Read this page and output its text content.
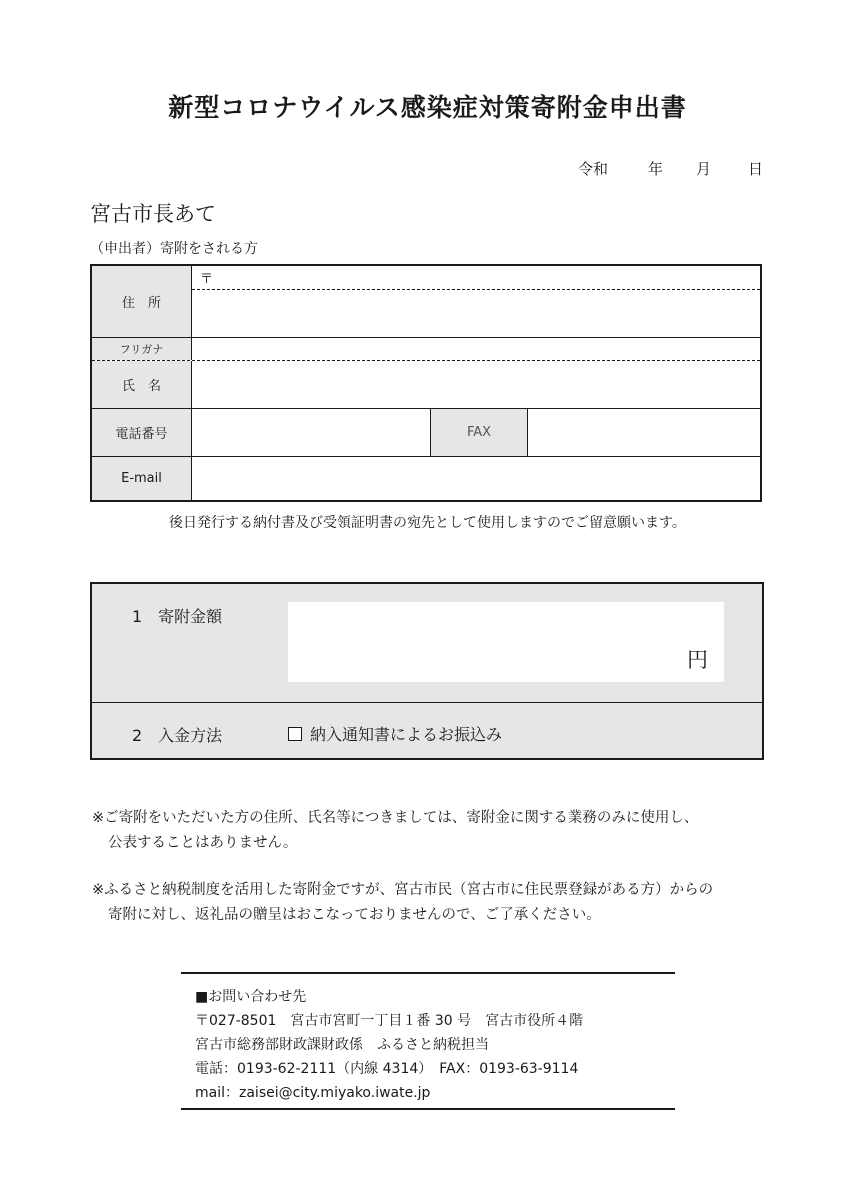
新型コロナウイルス感染症対策寄附金申出書
令和	年 月 日
宮古市長あて
（申出者）寄附をされる方
住　所
〒
フリガナ
氏　名
電話番号	FAX
E-mail
後日発行する納付書及び受領証明書の宛先として使用しますのでご留意願います。
1　寄附金額
円
2　入金方法	納入通知書によるお振込み
※ご寄附をいただいた方の住所、氏名等につきましては、寄附金に関する業務のみに使用し、
公表することはありません。
※ふるさと納税制度を活用した寄附金ですが、宮古市民（宮古市に住民票登録がある方）からの
寄附に対し、返礼品の贈呈はおこなっておりませんので、ご了承ください。
■お問い合わせ先
〒027-8501　宮古市宮町一丁目１番 30 号　宮古市役所４階
宮古市総務部財政課財政係　ふるさと納税担当
電話：0193-62-2111（内線 4314）　FAX：0193-63-9114
mail：zaisei@city.miyako.iwate.jp
